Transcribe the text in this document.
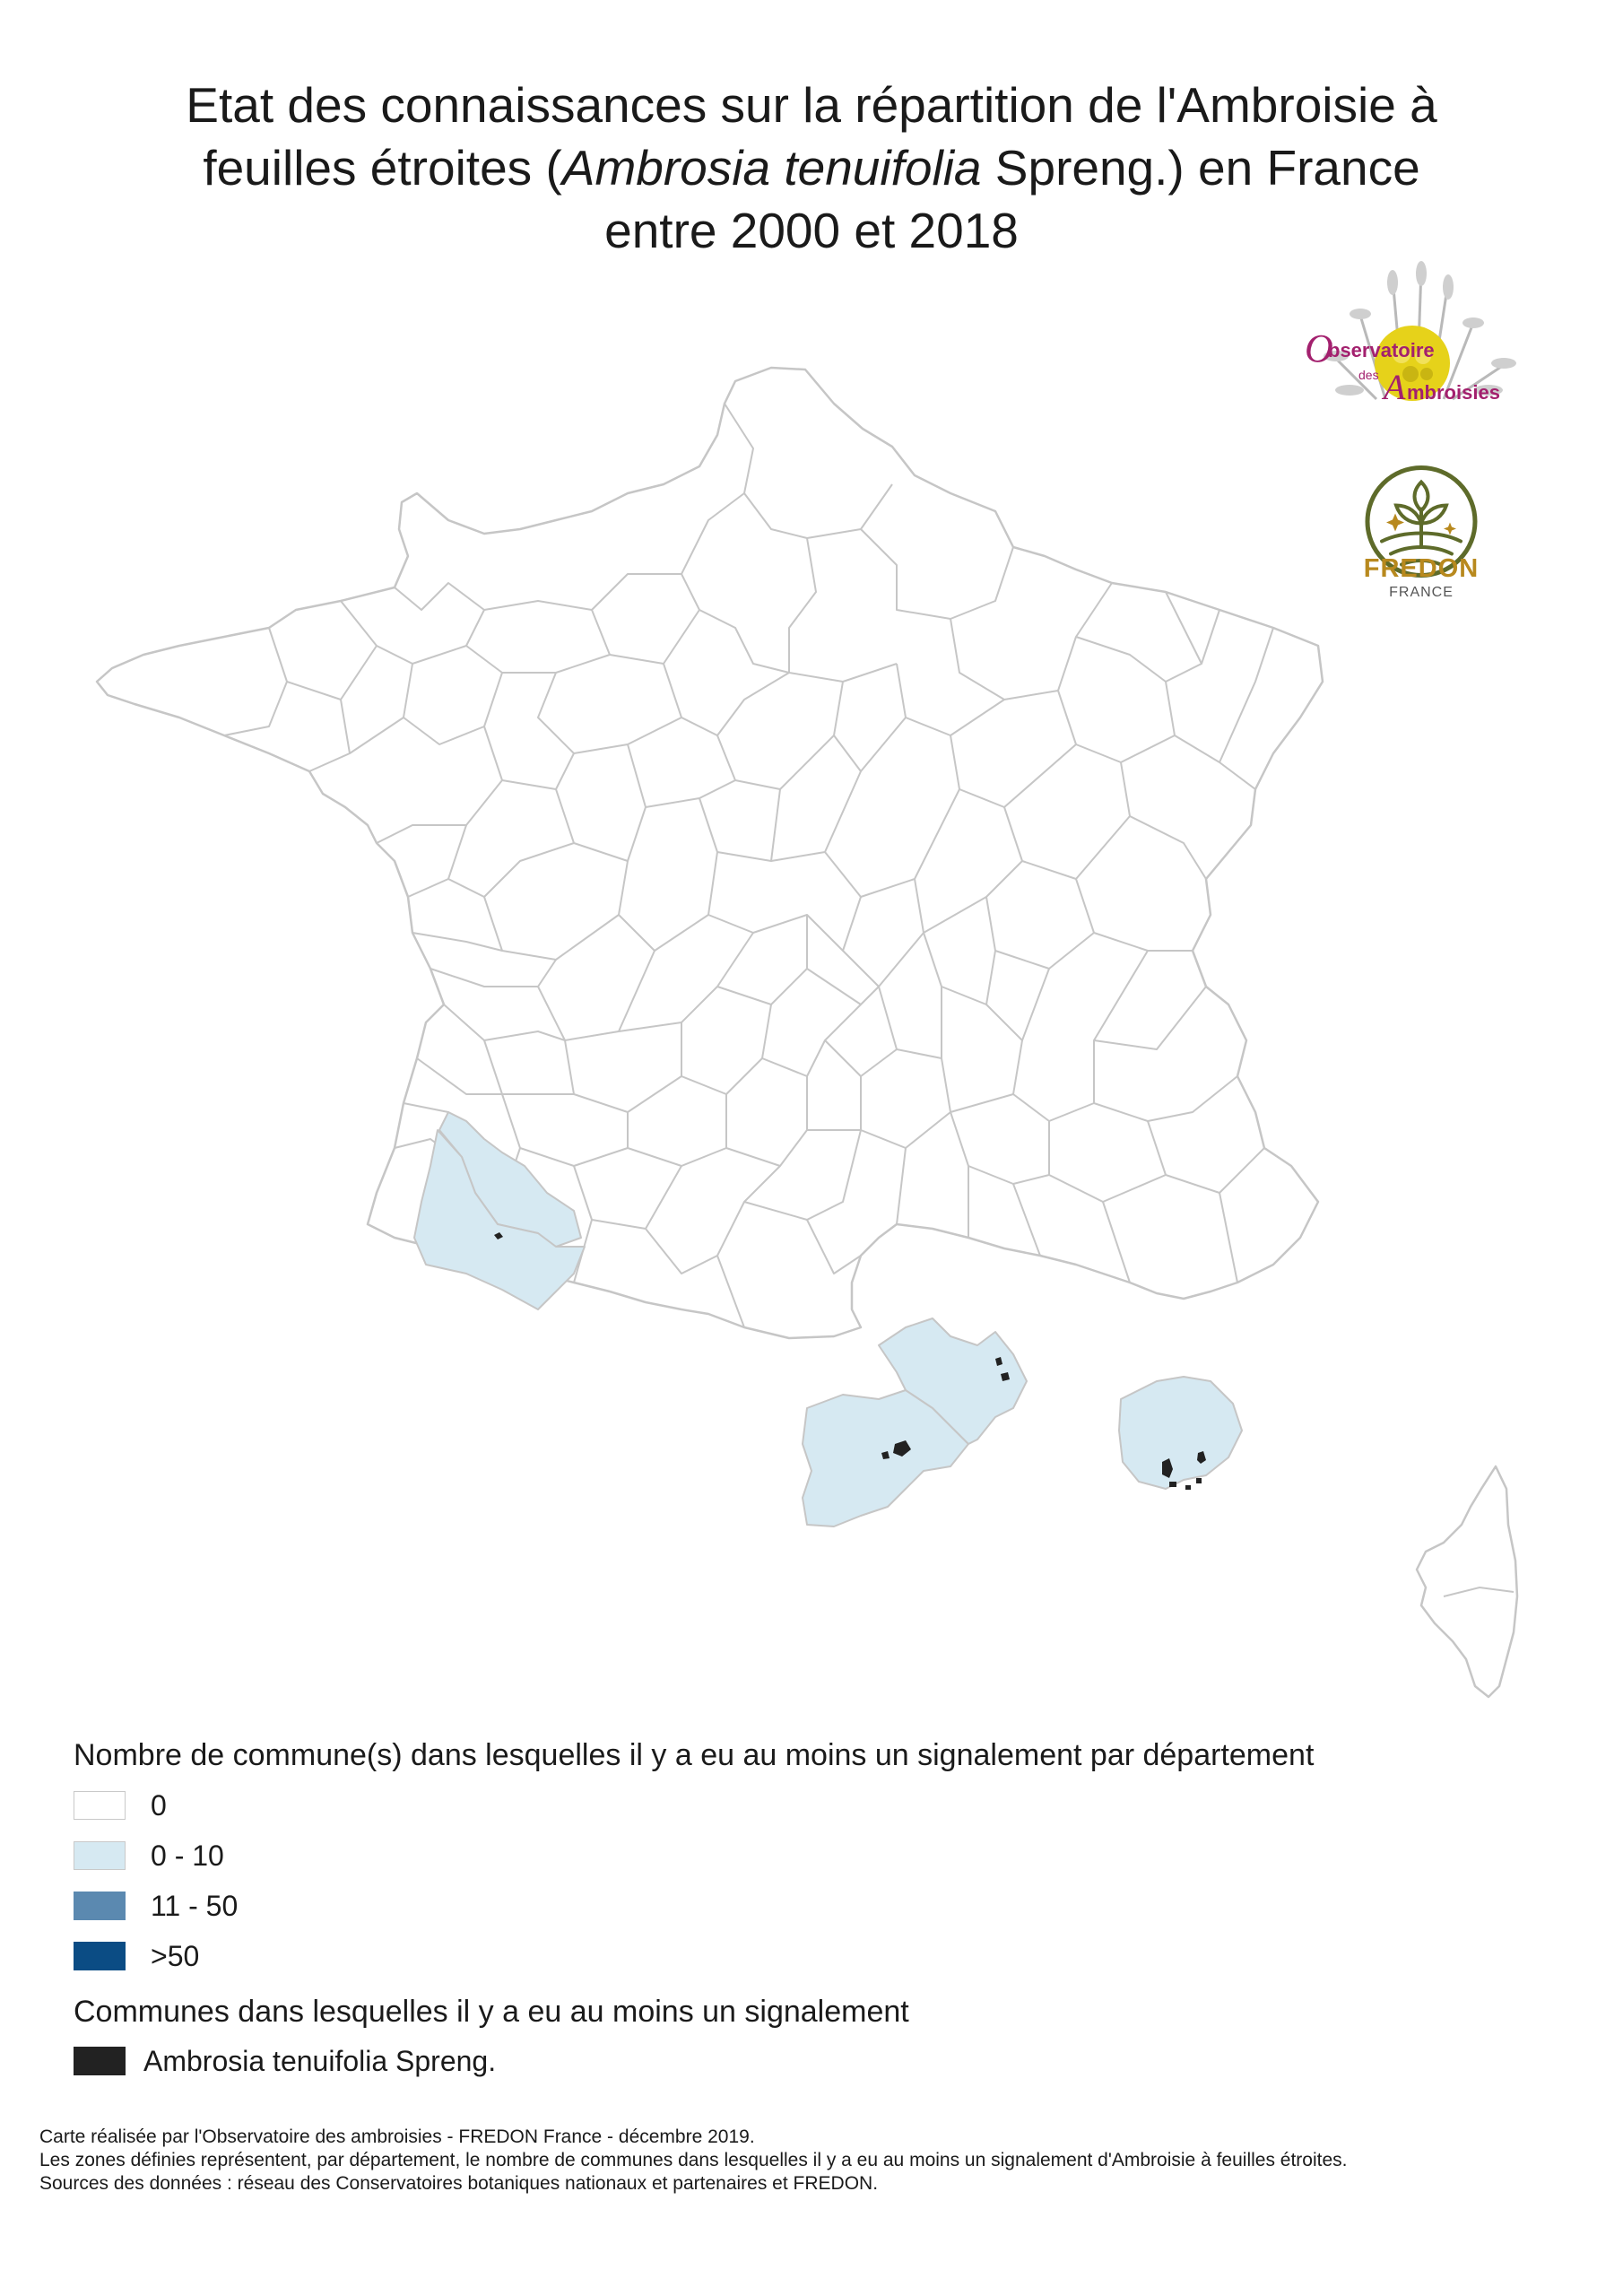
Etat des connaissances sur la répartition de l'Ambroisie à
feuilles étroites (Ambrosia tenuifolia Spreng.) en France
entre 2000 et 2018
O
bservatoire
des A mbroisies
FREDON
FRANCE
Nombre de commune(s) dans lesquelles il y a eu au moins un signalement par département
0
0 - 10
11 - 50
>50
Communes dans lesquelles il y a eu au moins un signalement
Ambrosia tenuifolia Spreng.
Carte réalisée par l'Observatoire des ambroisies - FREDON France - décembre 2019.
Les zones définies représentent, par département, le nombre de communes dans lesquelles il y a eu au moins un signalement d'Ambroisie à feuilles étroites.
Sources des données : réseau des Conservatoires botaniques nationaux et partenaires et FREDON.
